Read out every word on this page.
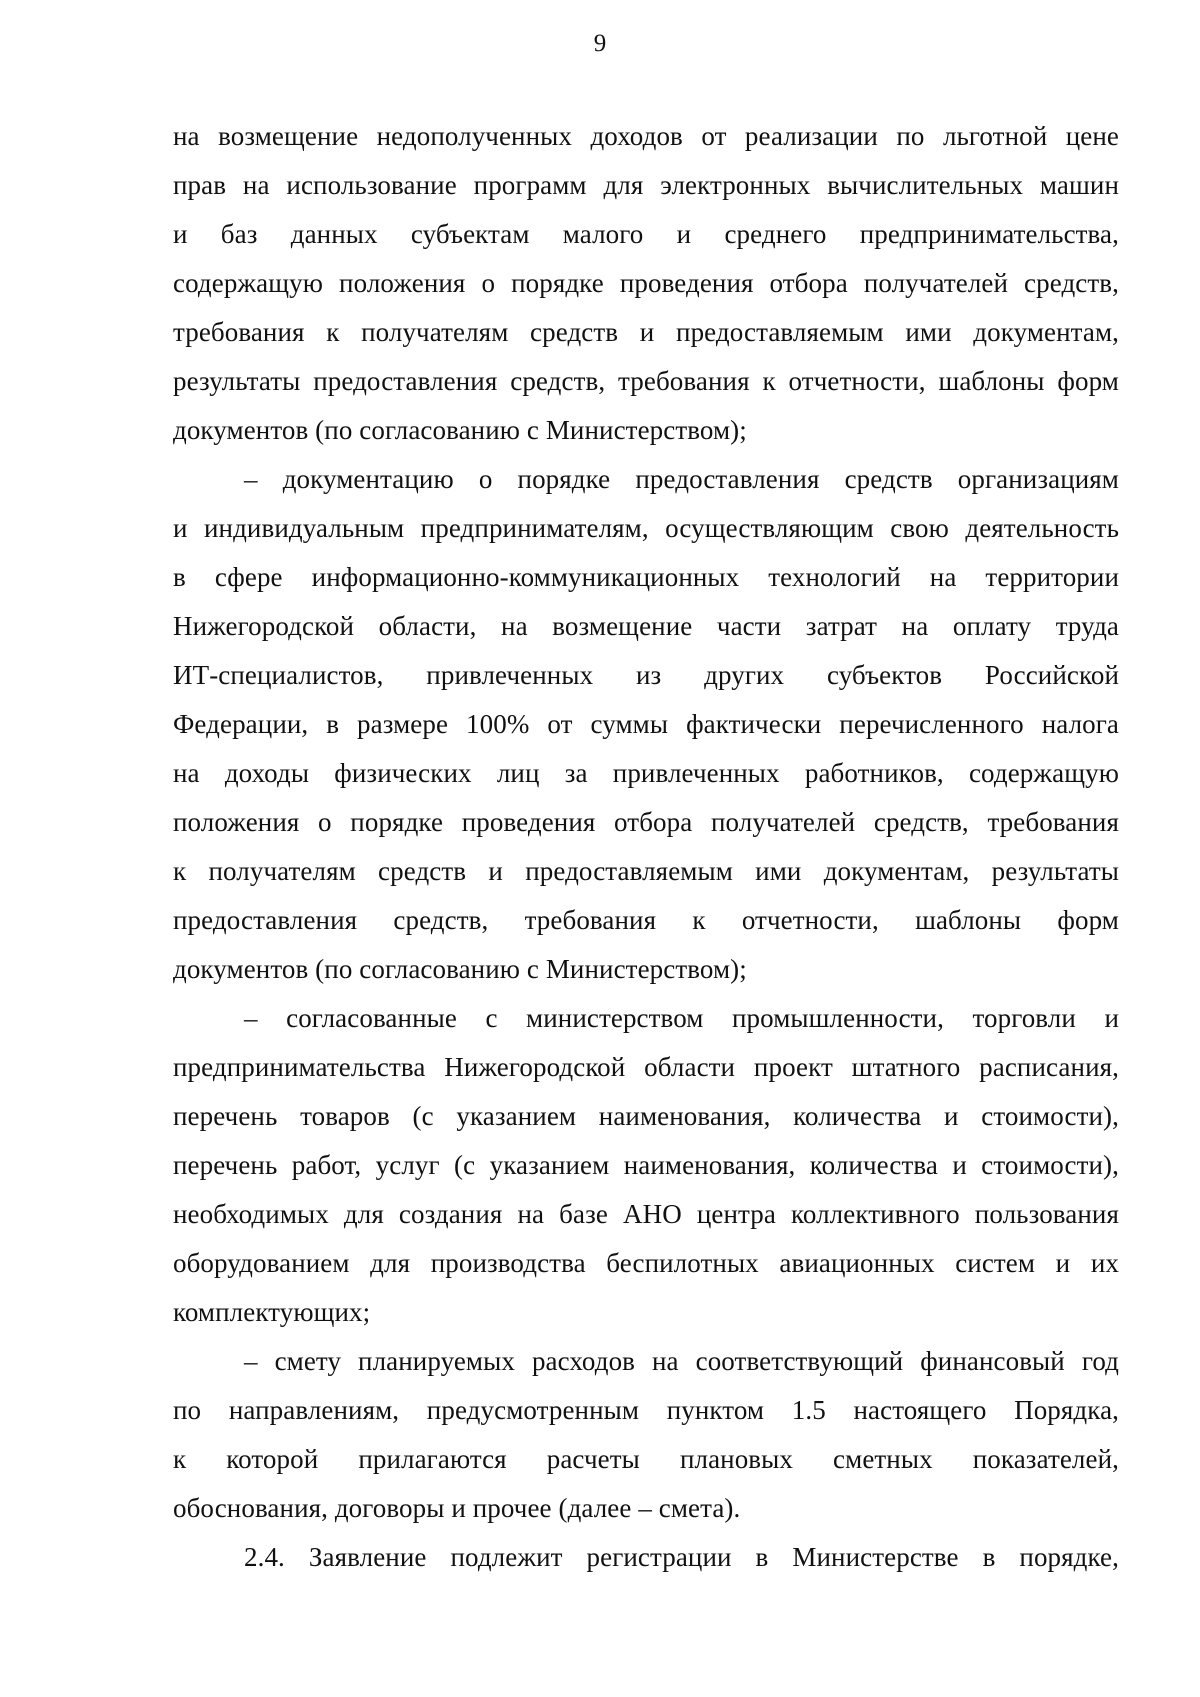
9
на возмещение недополученных доходов от реализации по льготной цене
прав на использование программ для электронных вычислительных машин
и баз данных субъектам малого и среднего предпринимательства,
содержащую положения о порядке проведения отбора получателей средств,
требования к получателям средств и предоставляемым ими документам,
результаты предоставления средств, требования к отчетности, шаблоны форм
документов (по согласованию с Министерством);
– документацию о порядке предоставления средств организациям
и индивидуальным предпринимателям, осуществляющим свою деятельность
в сфере информационно-коммуникационных технологий на территории
Нижегородской области, на возмещение части затрат на оплату труда
ИТ-специалистов, привлеченных из других субъектов Российской
Федерации, в размере 100% от суммы фактически перечисленного налога
на доходы физических лиц за привлеченных работников, содержащую
положения о порядке проведения отбора получателей средств, требования
к получателям средств и предоставляемым ими документам, результаты
предоставления средств, требования к отчетности, шаблоны форм
документов (по согласованию с Министерством);
– согласованные с министерством промышленности, торговли и
предпринимательства Нижегородской области проект штатного расписания,
перечень товаров (с указанием наименования, количества и стоимости),
перечень работ, услуг (с указанием наименования, количества и стоимости),
необходимых для создания на базе АНО центра коллективного пользования
оборудованием для производства беспилотных авиационных систем и их
комплектующих;
– смету планируемых расходов на соответствующий финансовый год
по направлениям, предусмотренным пунктом 1.5 настоящего Порядка,
к которой прилагаются расчеты плановых сметных показателей,
обоснования, договоры и прочее (далее – смета).
2.4. Заявление подлежит регистрации в Министерстве в порядке,
